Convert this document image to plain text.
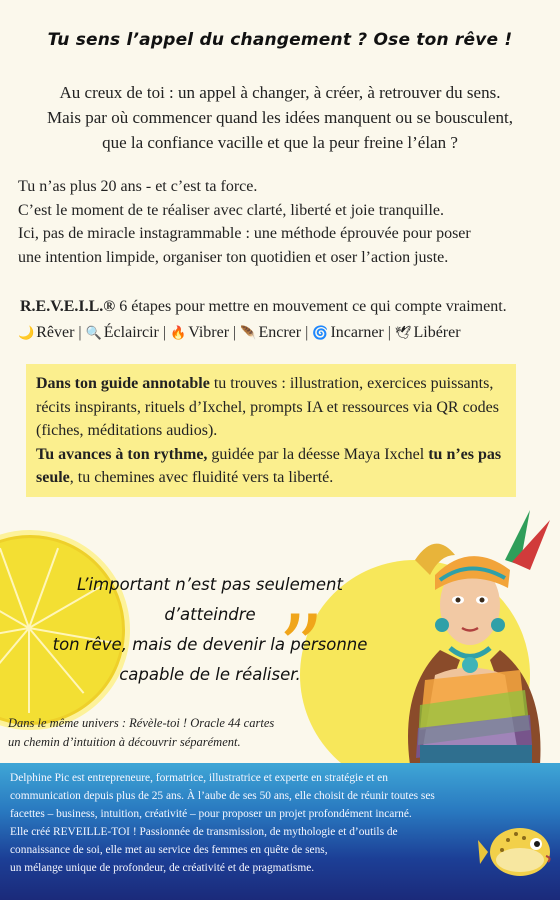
Tu sens l’appel du changement ? Ose ton rêve !
Au creux de toi : un appel à changer, à créer, à retrouver du sens.
Mais par où commencer quand les idées manquent ou se bousculent,
que la confiance vacille et que la peur freine l’élan ?
Tu n’as plus 20 ans - et c’est ta force.
C’est le moment de te réaliser avec clarté, liberté et joie tranquille.
Ici, pas de miracle instagrammable : une méthode éprouvée pour poser
une intention limpide, organiser ton quotidien et oser l’action juste.
R.E.V.E.I.L.® 6 étapes pour mettre en mouvement ce qui compte vraiment.
🌙 Rêver | 🔍 Éclaircir | 🔥 Vibrer | 🪶 Encrer | 🌀 Incarner | 🕊 Libérer
Dans ton guide annotable tu trouves : illustration, exercices puissants, récits inspirants, rituels d’Ixchel, prompts IA et ressources via QR codes (fiches, méditations audios).
Tu avances à ton rythme, guidée par la déesse Maya Ixchel tu n’es pas seule, tu chemines avec fluidité vers ta liberté.
”
L’important n’est pas seulement d’atteindre
ton rêve, mais de devenir la personne
capable de le réaliser.
Dans le même univers : Révèle-toi ! Oracle 44 cartes
un chemin d’intuition à découvrir séparément.
Delphine Pic est entrepreneure, formatrice, illustratrice et experte en stratégie et en
communication depuis plus de 25 ans. À l’aube de ses 50 ans, elle choisit de réunir toutes ses
facettes – business, intuition, créativité – pour proposer un projet profondément incarné.
Elle créé REVEILLE-TOI ! Passionnée de transmission, de mythologie et d’outils de
connaissance de soi, elle met au service des femmes en quête de sens,
un mélange unique de profondeur, de créativité et de pragmatisme.
